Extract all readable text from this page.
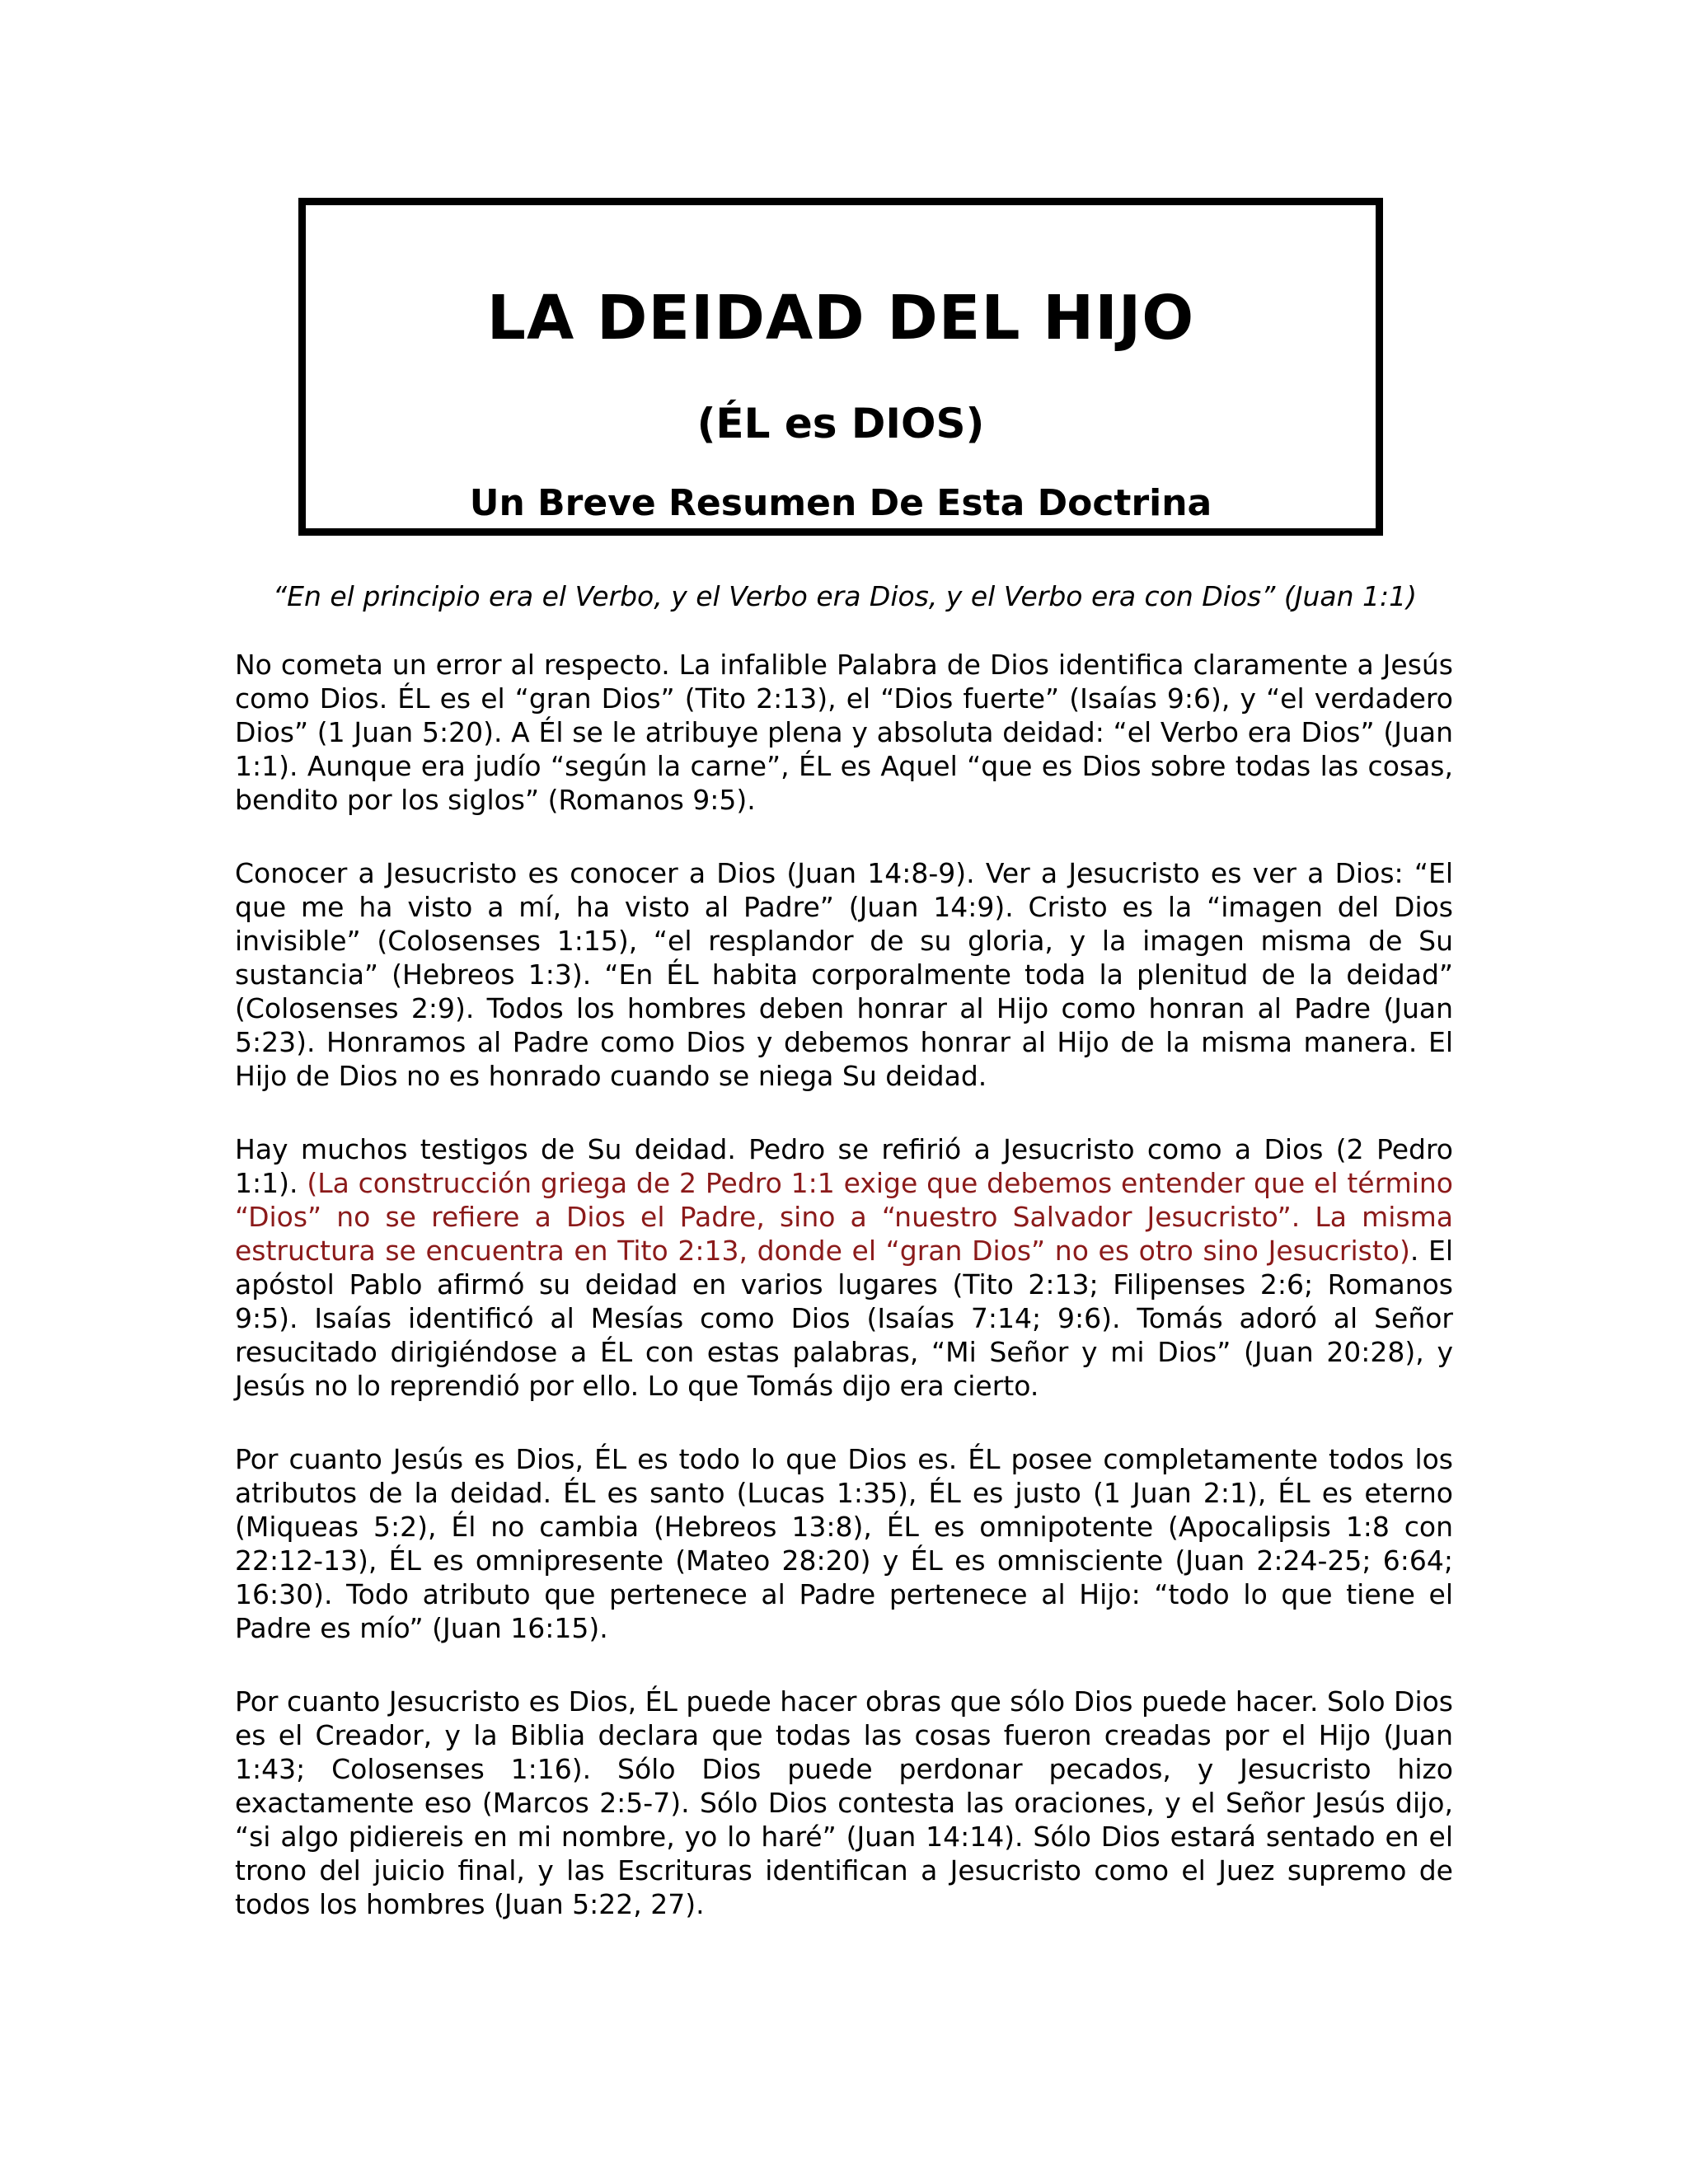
LA DEIDAD DEL HIJO
(ÉL es DIOS)
Un Breve Resumen De Esta Doctrina
“En el principio era el Verbo, y el Verbo era Dios, y el Verbo era con Dios” (Juan 1:1)

No cometa un error al respecto. La infalible Palabra de Dios identifica claramente a Jesús como Dios. ÉL es el “gran Dios” (Tito 2:13), el “Dios fuerte” (Isaías 9:6), y “el verdadero Dios” (1 Juan 5:20). A Él se le atribuye plena y absoluta deidad: “el Verbo era Dios” (Juan 1:1). Aunque era judío “según la carne”, ÉL es Aquel “que es Dios sobre todas las cosas, bendito por los siglos” (Romanos 9:5).

Conocer a Jesucristo es conocer a Dios (Juan 14:8-9). Ver a Jesucristo es ver a Dios: “El que me ha visto a mí, ha visto al Padre” (Juan 14:9). Cristo es la “imagen del Dios invisible” (Colosenses 1:15), “el resplandor de su gloria, y la imagen misma de Su sustancia” (Hebreos 1:3). “En ÉL habita corporalmente toda la plenitud de la deidad” (Colosenses 2:9). Todos los hombres deben honrar al Hijo como honran al Padre (Juan 5:23). Honramos al Padre como Dios y debemos honrar al Hijo de la misma manera. El Hijo de Dios no es honrado cuando se niega Su deidad.

Hay muchos testigos de Su deidad. Pedro se refirió a Jesucristo como a Dios (2 Pedro 1:1). (La construcción griega de 2 Pedro 1:1 exige que debemos entender que el término “Dios” no se refiere a Dios el Padre, sino a “nuestro Salvador Jesucristo”. La misma estructura se encuentra en Tito 2:13, donde el “gran Dios” no es otro sino Jesucristo). El apóstol Pablo afirmó su deidad en varios lugares (Tito 2:13; Filipenses 2:6; Romanos 9:5). Isaías identificó al Mesías como Dios (Isaías 7:14; 9:6). Tomás adoró al Señor resucitado dirigiéndose a ÉL con estas palabras, “Mi Señor y mi Dios” (Juan 20:28), y Jesús no lo reprendió por ello. Lo que Tomás dijo era cierto.

Por cuanto Jesús es Dios, ÉL es todo lo que Dios es. ÉL posee completamente todos los atributos de la deidad. ÉL es santo (Lucas 1:35), ÉL es justo (1 Juan 2:1), ÉL es eterno (Miqueas 5:2), Él no cambia (Hebreos 13:8), ÉL es omnipotente (Apocalipsis 1:8 con 22:12-13), ÉL es omnipresente (Mateo 28:20) y ÉL es omnisciente (Juan 2:24-25; 6:64; 16:30). Todo atributo que pertenece al Padre pertenece al Hijo: “todo lo que tiene el Padre es mío” (Juan 16:15).

Por cuanto Jesucristo es Dios, ÉL puede hacer obras que sólo Dios puede hacer. Solo Dios es el Creador, y la Biblia declara que todas las cosas fueron creadas por el Hijo (Juan 1:43; Colosenses 1:16). Sólo Dios puede perdonar pecados, y Jesucristo hizo exactamente eso (Marcos 2:5-7). Sólo Dios contesta las oraciones, y el Señor Jesús dijo, “si algo pidiereis en mi nombre, yo lo haré” (Juan 14:14). Sólo Dios estará sentado en el trono del juicio final, y las Escrituras identifican a Jesucristo como el Juez supremo de todos los hombres (Juan 5:22, 27).
